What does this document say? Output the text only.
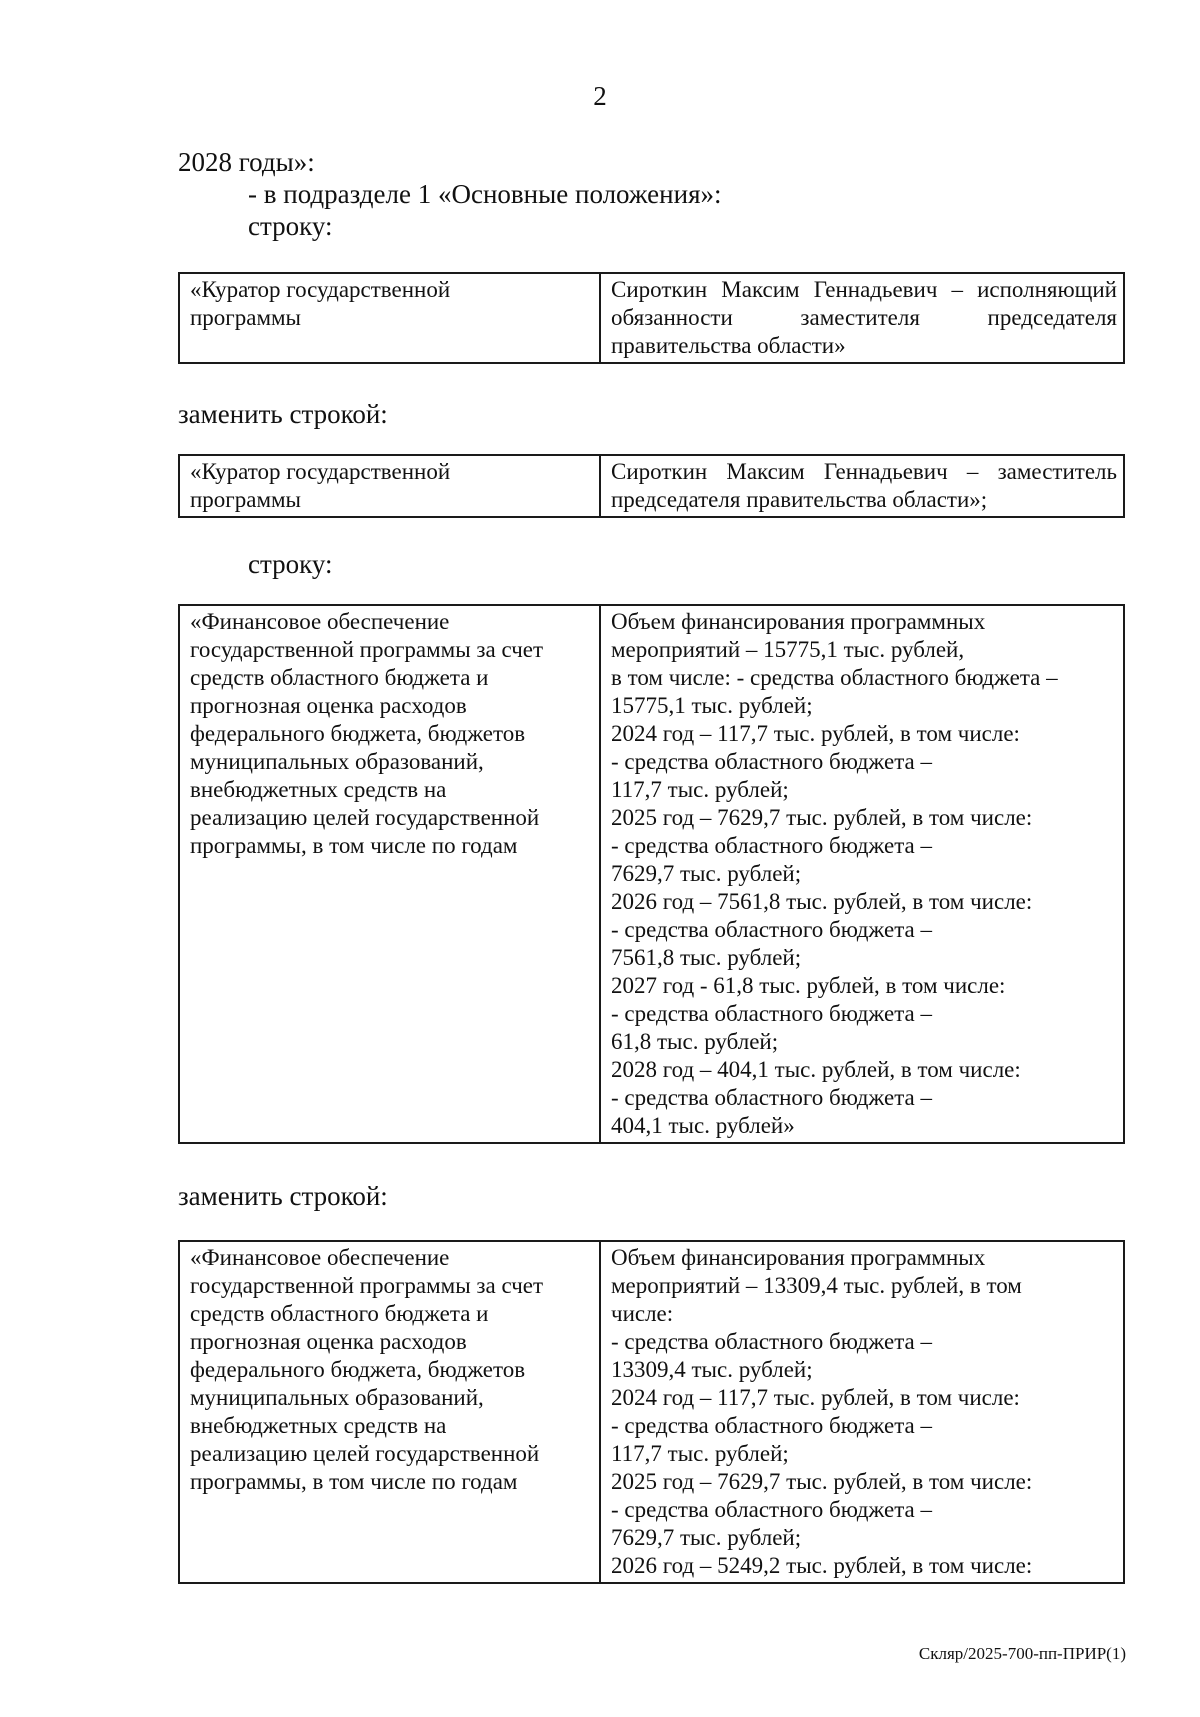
2
2028 годы»:
- в подразделе 1 «Основные положения»:
строку:
«Куратор государственной
программы

Сироткин Максим Геннадьевич – исполняющий
обязанности заместителя председателя
правительства области»
заменить строкой:
«Куратор государственной
программы

Сироткин Максим Геннадьевич – заместитель
председателя правительства области»;
строку:
«Финансовое обеспечение
государственной программы за счет
средств областного бюджета и
прогнозная оценка расходов
федерального бюджета, бюджетов
муниципальных образований,
внебюджетных средств на
реализацию целей государственной
программы, в том числе по годам

Объем финансирования программных
мероприятий – 15775,1 тыс. рублей,
в том числе: - средства областного бюджета –
15775,1 тыс. рублей;
2024 год – 117,7 тыс. рублей, в том числе:
- средства областного бюджета –
117,7 тыс. рублей;
2025 год – 7629,7 тыс. рублей, в том числе:
- средства областного бюджета –
7629,7 тыс. рублей;
2026 год – 7561,8 тыс. рублей, в том числе:
- средства областного бюджета –
7561,8 тыс. рублей;
2027 год - 61,8 тыс. рублей, в том числе:
- средства областного бюджета –
61,8 тыс. рублей;
2028 год – 404,1 тыс. рублей, в том числе:
- средства областного бюджета –
404,1 тыс. рублей»
заменить строкой:
«Финансовое обеспечение
государственной программы за счет
средств областного бюджета и
прогнозная оценка расходов
федерального бюджета, бюджетов
муниципальных образований,
внебюджетных средств на
реализацию целей государственной
программы, в том числе по годам

Объем финансирования программных
мероприятий – 13309,4 тыс. рублей, в том
числе:
- средства областного бюджета –
13309,4 тыс. рублей;
2024 год – 117,7 тыс. рублей, в том числе:
- средства областного бюджета –
117,7 тыс. рублей;
2025 год – 7629,7 тыс. рублей, в том числе:
- средства областного бюджета –
7629,7 тыс. рублей;
2026 год – 5249,2 тыс. рублей, в том числе:
Скляр/2025-700-пп-ПРИР(1)
